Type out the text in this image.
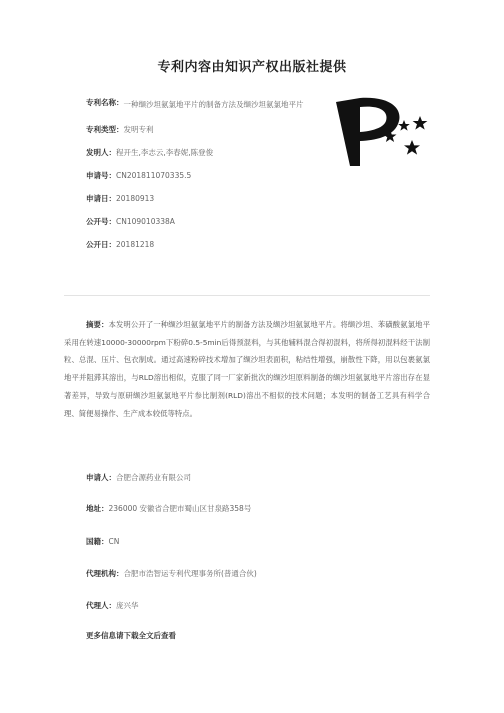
专利内容由知识产权出版社提供
专利名称： 一种缬沙坦氨氯地平片的制备方法及缬沙坦氨氯地平片
专利类型： 发明专利
发明人： 程开生,李志云,李春妮,陈登俊
申请号： CN201811070335.5
申请日： 20180913
公开号： CN109010338A
公开日： 20181218

摘要：本发明公开了一种缬沙坦氨氯地平片的制备方法及缬沙坦氨氯地平片。将缬沙坦、苯磺酸氨氯地平采用在转速10000-30000rpm下粉碎0.5-5min后得预混料，与其他辅料混合得初混料，将所得初混料经干法制粒、总混、压片、包衣制成。通过高速粉碎技术增加了缬沙坦表面积，粘结性增强，崩散性下降，用以包裹氨氯地平并阻滞其溶出，与RLD溶出相似，克服了同一厂家新批次的缬沙坦原料制备的缬沙坦氨氯地平片溶出存在显著差异，导致与原研缬沙坦氨氯地平片参比制剂(RLD)溶出不相似的技术问题；本发明的制备工艺具有科学合理、简便易操作、生产成本较低等特点。

申请人：合肥合源药业有限公司
地址：236000 安徽省合肥市蜀山区甘泉路358号
国籍：CN
代理机构：合肥市浩智运专利代理事务所(普通合伙)
代理人：庞兴华
更多信息请下载全文后查看
